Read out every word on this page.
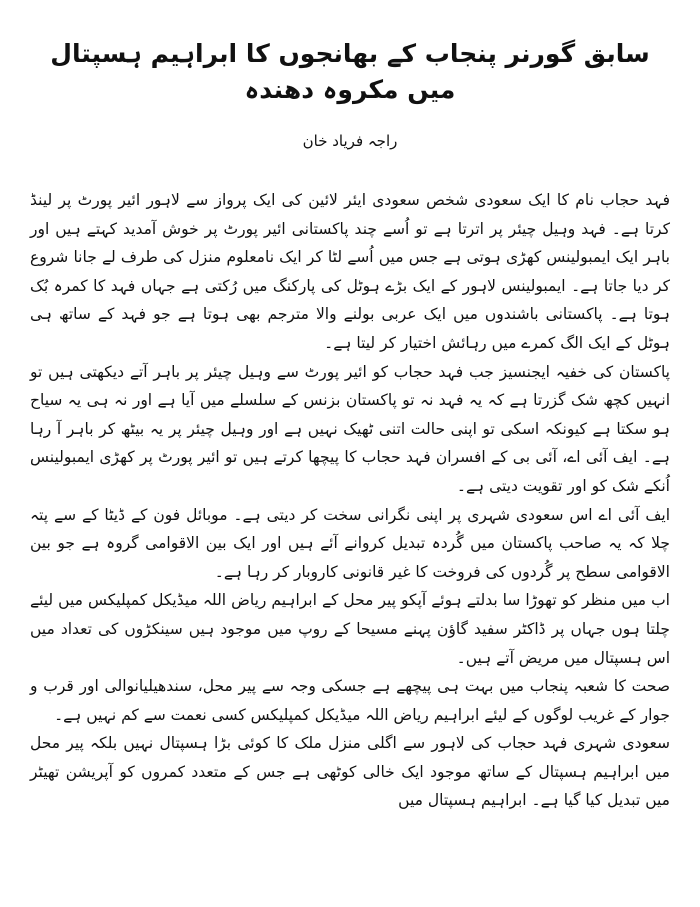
سابق گورنر پنجاب کے بھانجوں کا ابراہیم ہسپتال میں مکروہ دھندہ
راجہ فریاد خان

فہد حجاب نام کا ایک سعودی شخص سعودی ایئر لائین کی ایک پرواز سے لاہور ائیر پورٹ پر لینڈ کرتا ہے۔ فہد وہیل چیئر پر اترتا ہے تو اُسے چند پاکستانی ائیر پورٹ پر خوش آمدید کہتے ہیں اور باہر ایک ایمبولینس کھڑی ہوتی ہے جس میں اُسے لٹا کر ایک نامعلوم منزل کی طرف لے جانا شروع کر دیا جاتا ہے۔ ایمبولینس لاہور کے ایک بڑے ہوٹل کی پارکنگ میں رُکتی ہے جہاں فہد کا کمرہ بُک ہوتا ہے۔ پاکستانی باشندوں میں ایک عربی بولنے والا مترجم بھی ہوتا ہے جو فہد کے ساتھ ہی ہوٹل کے ایک الگ کمرے میں رہائش اختیار کر لیتا ہے۔

پاکستان کی خفیہ ایجنسیز جب فہد حجاب کو ائیر پورٹ سے وہیل چیئر پر باہر آتے دیکھتی ہیں تو انہیں کچھ شک گزرتا ہے کہ یہ فہد نہ تو پاکستان بزنس کے سلسلے میں آیا ہے اور نہ ہی یہ سیاح ہو سکتا ہے کیونکہ اسکی تو اپنی حالت اتنی ٹھیک نہیں ہے اور وہیل چیئر پر یہ بیٹھ کر باہر آ رہا ہے۔ ایف آئی اے، آئی بی کے افسران فہد حجاب کا پیچھا کرتے ہیں تو ائیر پورٹ پر کھڑی ایمبولینس اُنکے شک کو اور تقویت دیتی ہے۔

ایف آئی اے اس سعودی شہری پر اپنی نگرانی سخت کر دیتی ہے۔ موبائل فون کے ڈیٹا کے سے پتہ چلا کہ یہ صاحب پاکستان میں گُردہ تبدیل کروانے آئے ہیں اور ایک بین الاقوامی گروہ ہے جو بین الاقوامی سطح پر گُردوں کی فروخت کا غیر قانونی کاروبار کر رہا ہے۔

اب میں منظر کو تھوڑا سا بدلتے ہوئے آپکو پیر محل کے ابراہیم ریاض اللہ میڈیکل کمپلیکس میں لیئے چلتا ہوں جہاں پر ڈاکٹر سفید گاؤن پہنے مسیحا کے روپ میں موجود ہیں سینکڑوں کی تعداد میں اس ہسپتال میں مریض آتے ہیں۔

صحت کا شعبہ پنجاب میں بہت ہی پیچھے ہے جسکی وجہ سے پیر محل، سندھیلیانوالی اور قرب و جوار کے غریب لوگوں کے لیئے ابراہیم ریاض اللہ میڈیکل کمپلیکس کسی نعمت سے کم نہیں ہے۔

سعودی شہری فہد حجاب کی لاہور سے اگلی منزل ملک کا کوئی بڑا ہسپتال نہیں بلکہ پیر محل میں ابراہیم ہسپتال کے ساتھ موجود ایک خالی کوٹھی ہے جس کے متعدد کمروں کو آپریشن تھیٹر میں تبدیل کیا گیا ہے۔ ابراہیم ہسپتال میں
